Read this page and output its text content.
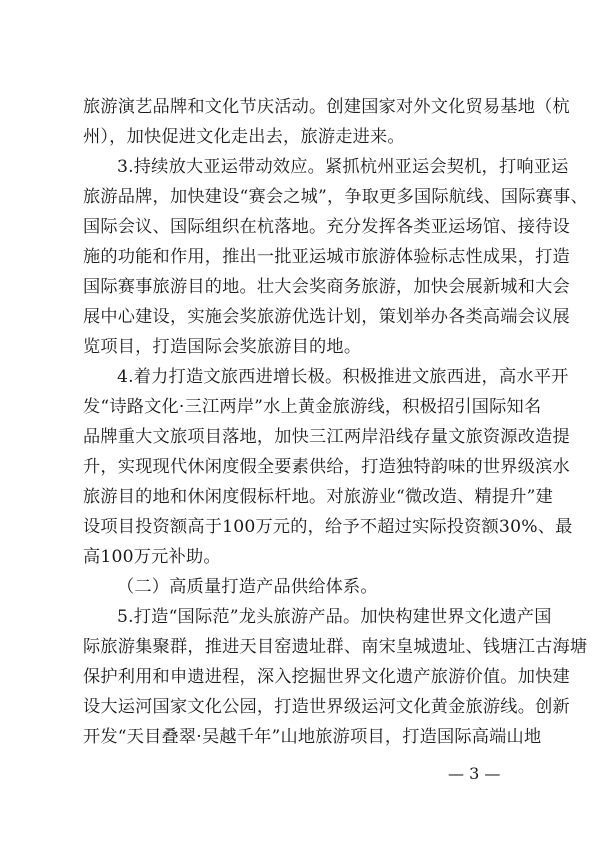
旅游演艺品牌和文化节庆活动。创建国家对外文化贸易基地（杭
州），加快促进文化走出去，旅游走进来。
3.持续放大亚运带动效应。紧抓杭州亚运会契机，打响亚运
旅游品牌，加快建设“赛会之城”，争取更多国际航线、国际赛事、
国际会议、国际组织在杭落地。充分发挥各类亚运场馆、接待设
施的功能和作用，推出一批亚运城市旅游体验标志性成果，打造
国际赛事旅游目的地。壮大会奖商务旅游，加快会展新城和大会
展中心建设，实施会奖旅游优选计划，策划举办各类高端会议展
览项目，打造国际会奖旅游目的地。
4.着力打造文旅西进增长极。积极推进文旅西进，高水平开
发“诗路文化·三江两岸”水上黄金旅游线，积极招引国际知名
品牌重大文旅项目落地，加快三江两岸沿线存量文旅资源改造提
升，实现现代休闲度假全要素供给，打造独特韵味的世界级滨水
旅游目的地和休闲度假标杆地。对旅游业“微改造、精提升”建
设项目投资额高于100万元的，给予不超过实际投资额30%、最
高100万元补助。
（二）高质量打造产品供给体系。
5.打造“国际范”龙头旅游产品。加快构建世界文化遗产国
际旅游集聚群，推进天目窑遗址群、南宋皇城遗址、钱塘江古海塘
保护利用和申遗进程，深入挖掘世界文化遗产旅游价值。加快建
设大运河国家文化公园，打造世界级运河文化黄金旅游线。创新
开发“天目叠翠·吴越千年”山地旅游项目，打造国际高端山地
— 3 —
